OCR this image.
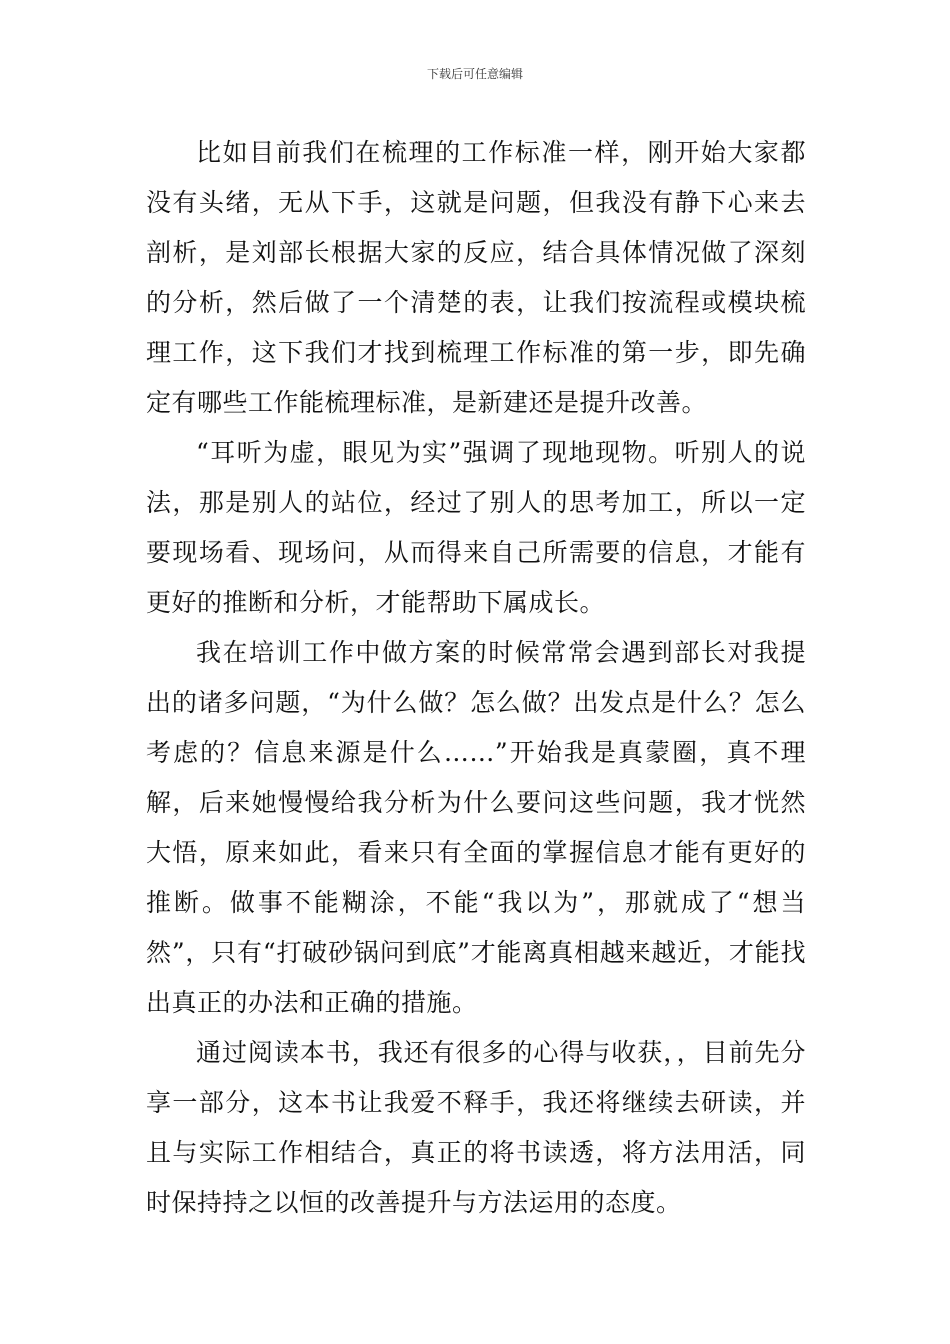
下载后可任意编辑

比如目前我们在梳理的工作标准一样，刚开始大家都没有头绪，无从下手，这就是问题，但我没有静下心来去剖析，是刘部长根据大家的反应，结合具体情况做了深刻的分析，然后做了一个清楚的表，让我们按流程或模块梳理工作，这下我们才找到梳理工作标准的第一步，即先确定有哪些工作能梳理标准，是新建还是提升改善。

“耳听为虚，眼见为实”强调了现地现物。听别人的说法，那是别人的站位，经过了别人的思考加工，所以一定要现场看、现场问，从而得来自己所需要的信息，才能有更好的推断和分析，才能帮助下属成长。

我在培训工作中做方案的时候常常会遇到部长对我提出的诸多问题，“为什么做？怎么做？出发点是什么？怎么考虑的？信息来源是什么……”开始我是真蒙圈，真不理解，后来她慢慢给我分析为什么要问这些问题，我才恍然大悟，原来如此，看来只有全面的掌握信息才能有更好的推断。做事不能糊涂，不能“我以为”，那就成了“想当然”，只有“打破砂锅问到底”才能离真相越来越近，才能找出真正的办法和正确的措施。

通过阅读本书，我还有很多的心得与收获，，目前先分享一部分，这本书让我爱不释手，我还将继续去研读，并且与实际工作相结合，真正的将书读透，将方法用活，同时保持持之以恒的改善提升与方法运用的态度。
